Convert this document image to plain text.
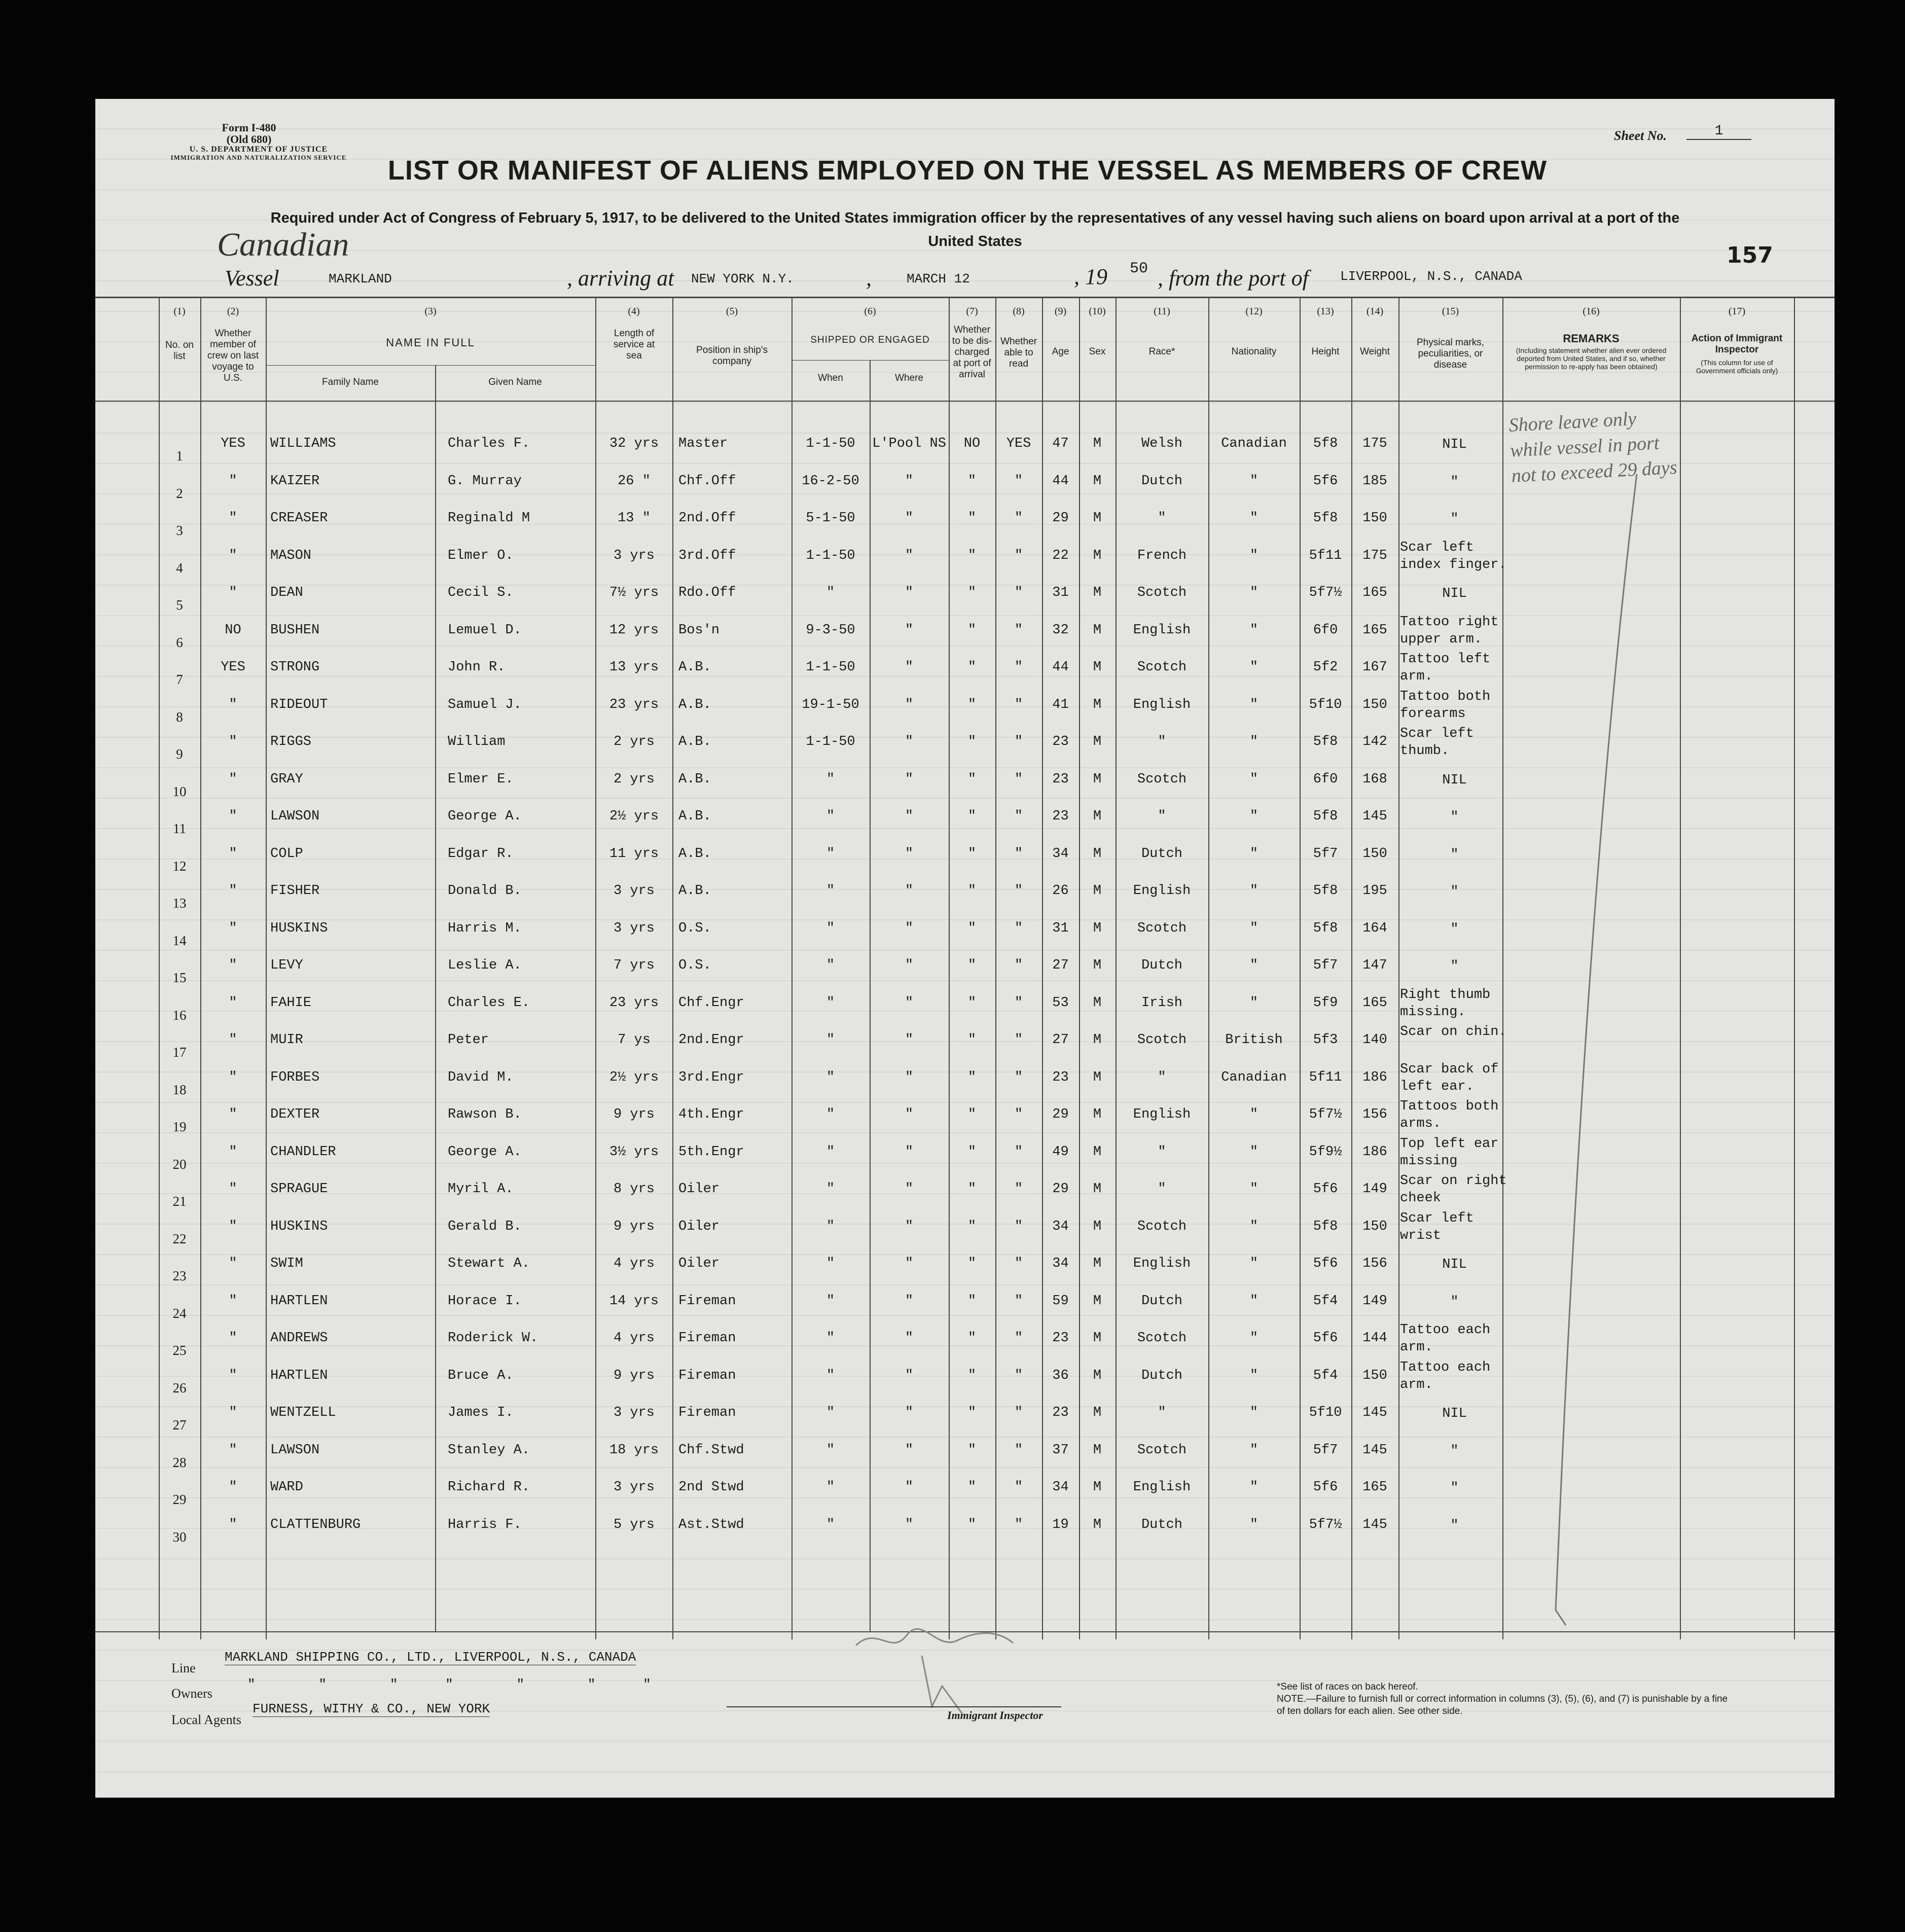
Form I-480
(Old 680)
U. S. DEPARTMENT OF JUSTICE
IMMIGRATION AND NATURALIZATION SERVICE
Sheet No.	1
LIST OR MANIFEST OF ALIENS EMPLOYED ON THE VESSEL AS MEMBERS OF CREW
Required under Act of Congress of February 5, 1917, to be delivered to the United States immigration officer by the representatives of any vessel having such aliens on board upon arrival at a port of the United States
157
Canadian
Vessel	MARKLAND	, arriving at NEW YORK N.Y.	,	MARCH 12	, 19 50 , from the port of LIVERPOOL, N.S., CANADA
(1)	(2)	(3)	(4)	(5)	(6)	(7)	(8)	(9)	(10)	(11)	(12)	(13)	(14)	(15)	(16)	(17)
No. on list
Whether member of crew on last voyage to U.S.
NAME IN FULL
Family Name	Given Name
Length of service at sea
Position in ship's company
SHIPPED OR ENGAGED
When	Where
Whether to be dis-charged at port of arrival
Whether able to read
Age	Sex	Race*	Nationality	Height	Weight
Physical marks, peculiarities, or disease
REMARKS
(Including statement whether alien ever ordered deported from United States, and if so, whether permission to re-apply has been obtained)
Action of Immigrant Inspector
(This column for use of Government officials only)
1
YES	WILLIAMS	Charles F.	32 yrs	Master	1-1-50	L'Pool NS	NO	YES	47	M	Welsh	Canadian	5f8	175	NIL
2
"	KAIZER	G. Murray	26 "	Chf.Off	16-2-50	"	"	"	44	M	Dutch	"	5f6	185	"
3
"	CREASER	Reginald M	13 "	2nd.Off	5-1-50	"	"	"	29	M	"	"	5f8	150	"
4
"	MASON	Elmer O.	3 yrs	3rd.Off	1-1-50	"	"	"	22	M	French	"	5f11	175
Scar left index finger.
5
"	DEAN	Cecil S.	7½ yrs	Rdo.Off	"	"	"	"	31	M	Scotch	"	5f7½	165	NIL
6
NO	BUSHEN	Lemuel D.	12 yrs	Bos'n	9-3-50	"	"	"	32	M	English	"	6f0	165
Tattoo right upper arm.
7
YES	STRONG	John R.	13 yrs	A.B.	1-1-50	"	"	"	44	M	Scotch	"	5f2	167
Tattoo left arm.
8
"	RIDEOUT	Samuel J.	23 yrs	A.B.	19-1-50	"	"	"	41	M	English	"	5f10	150
Tattoo both forearms
9
"	RIGGS	William	2 yrs	A.B.	1-1-50	"	"	"	23	M	"	"	5f8	142
Scar left thumb.
10
"	GRAY	Elmer E.	2 yrs	A.B.	"	"	"	"	23	M	Scotch	"	6f0	168	NIL
11
"	LAWSON	George A.	2½ yrs	A.B.	"	"	"	"	23	M	"	"	5f8	145	"
12
"	COLP	Edgar R.	11 yrs	A.B.	"	"	"	"	34	M	Dutch	"	5f7	150	"
13
"	FISHER	Donald B.	3 yrs	A.B.	"	"	"	"	26	M	English	"	5f8	195	"
14
"	HUSKINS	Harris M.	3 yrs	O.S.	"	"	"	"	31	M	Scotch	"	5f8	164	"
15
"	LEVY	Leslie A.	7 yrs	O.S.	"	"	"	"	27	M	Dutch	"	5f7	147	"
16
"	FAHIE	Charles E.	23 yrs	Chf.Engr	"	"	"	"	53	M	Irish	"	5f9	165
Right thumb missing.
17
"	MUIR	Peter	7 ys	2nd.Engr	"	"	"	"	27	M	Scotch	British	5f3	140
Scar on chin.
18
"	FORBES	David M.	2½ yrs	3rd.Engr	"	"	"	"	23	M	"	Canadian	5f11	186
Scar back of left ear.
19
"	DEXTER	Rawson B.	9 yrs	4th.Engr	"	"	"	"	29	M	English	"	5f7½	156
Tattoos both arms.
20
"	CHANDLER	George A.	3½ yrs	5th.Engr	"	"	"	"	49	M	"	"	5f9½	186
Top left ear missing
21
"	SPRAGUE	Myril A.	8 yrs	Oiler	"	"	"	"	29	M	"	"	5f6	149
Scar on right cheek
22
"	HUSKINS	Gerald B.	9 yrs	Oiler	"	"	"	"	34	M	Scotch	"	5f8	150
Scar left wrist
23
"	SWIM	Stewart A.	4 yrs	Oiler	"	"	"	"	34	M	English	"	5f6	156	NIL
24
"	HARTLEN	Horace I.	14 yrs	Fireman	"	"	"	"	59	M	Dutch	"	5f4	149	"
25
"	ANDREWS	Roderick W.	4 yrs	Fireman	"	"	"	"	23	M	Scotch	"	5f6	144
Tattoo each arm.
26
"	HARTLEN	Bruce A.	9 yrs	Fireman	"	"	"	"	36	M	Dutch	"	5f4	150
Tattoo each arm.
27
"	WENTZELL	James I.	3 yrs	Fireman	"	"	"	"	23	M	"	"	5f10	145	NIL
28
"	LAWSON	Stanley A.	18 yrs	Chf.Stwd	"	"	"	"	37	M	Scotch	"	5f7	145	"
29
"	WARD	Richard R.	3 yrs	2nd Stwd	"	"	"	"	34	M	English	"	5f6	165	"
30
"	CLATTENBURG	Harris F.	5 yrs	Ast.Stwd	"	"	"	"	19	M	Dutch	"	5f7½	145	"
Shore leave only while vessel in port not to exceed 29 days
Line
MARKLAND SHIPPING CO., LTD., LIVERPOOL, N.S., CANADA
Owners
"        "        "      "        "        "      "
Local Agents
FURNESS, WITHY & CO., NEW YORK	Immigrant Inspector
*See list of races on back hereof.
NOTE.—Failure to furnish full or correct information in columns (3), (5), (6), and (7) is punishable by a fine of ten dollars for each alien. See other side.
